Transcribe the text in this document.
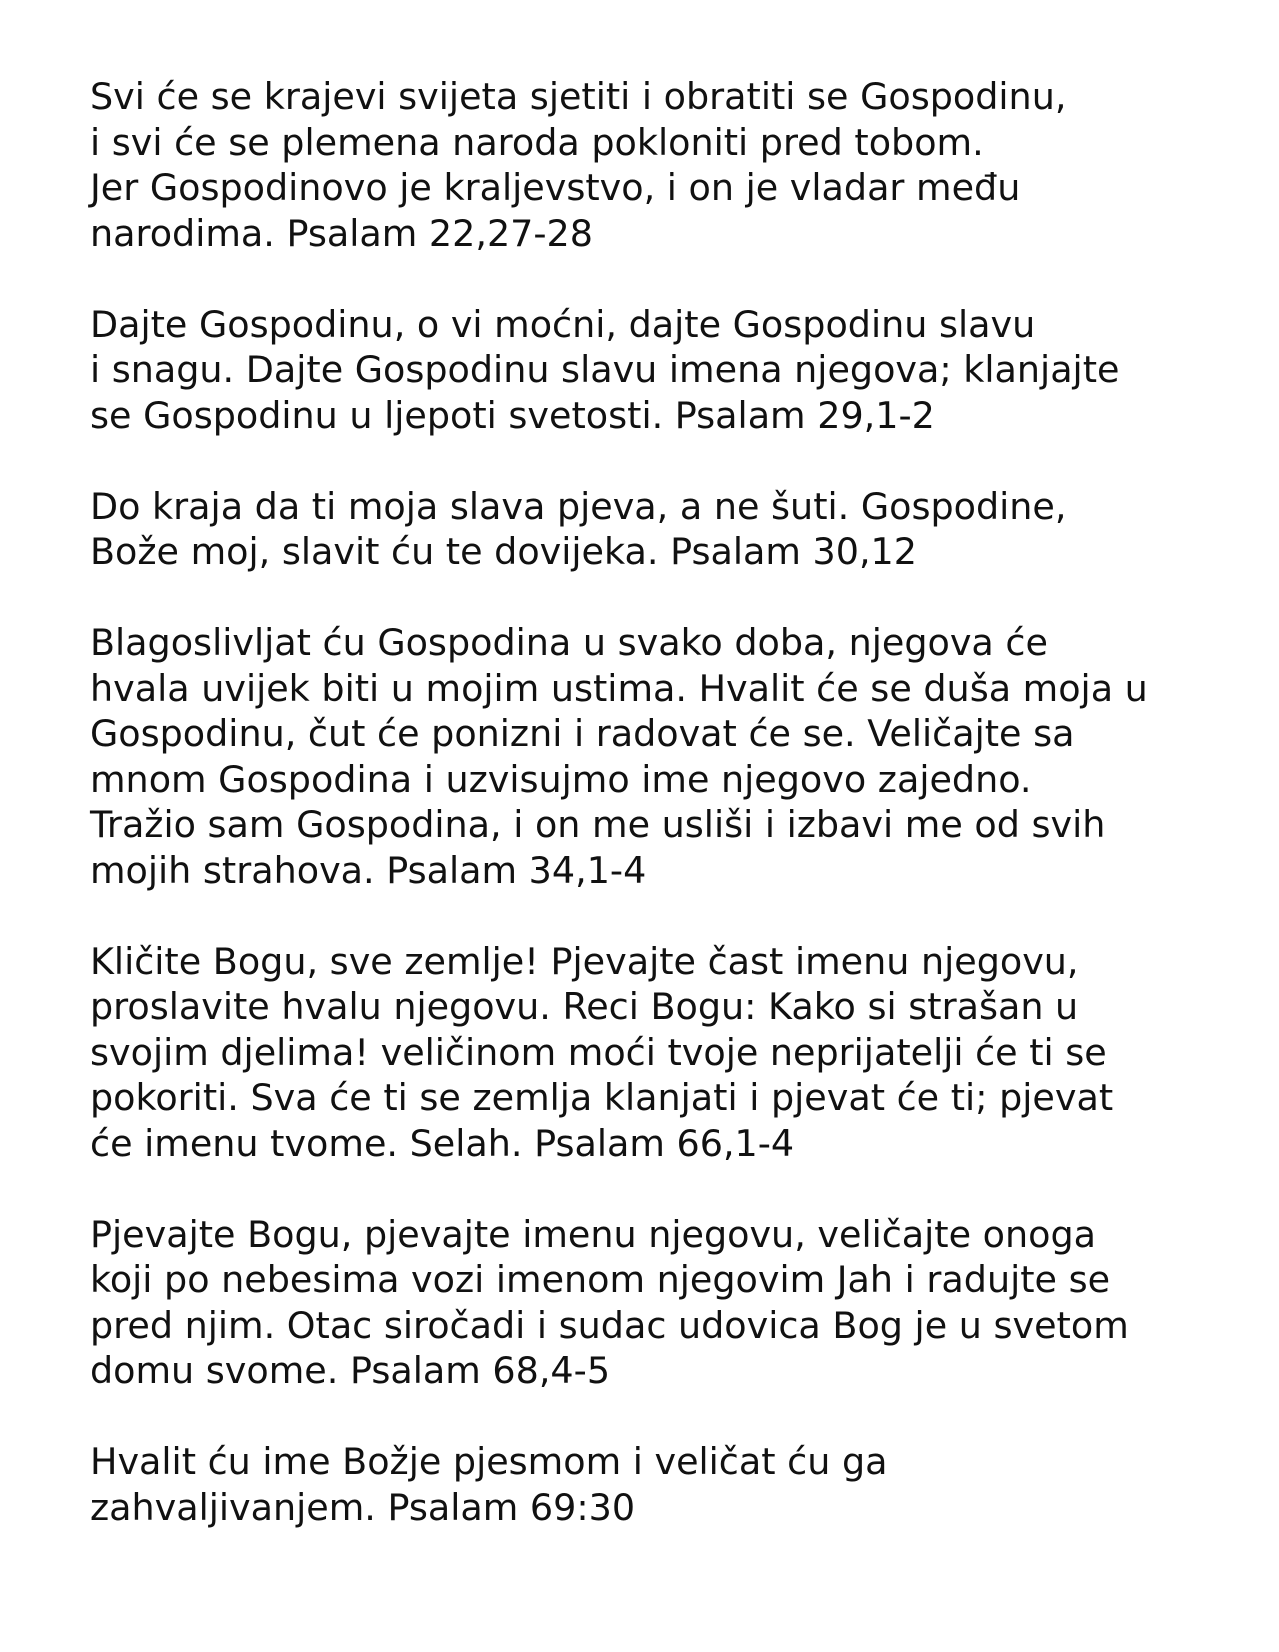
Svi će se krajevi svijeta sjetiti i obratiti se Gospodinu,
i svi će se plemena naroda pokloniti pred tobom.
Jer Gospodinovo je kraljevstvo, i on je vladar među
narodima. Psalam 22,27-28

Dajte Gospodinu, o vi moćni, dajte Gospodinu slavu
i snagu. Dajte Gospodinu slavu imena njegova; klanjajte
se Gospodinu u ljepoti svetosti. Psalam 29,1-2

Do kraja da ti moja slava pjeva, a ne šuti. Gospodine,
Bože moj, slavit ću te dovijeka. Psalam 30,12

Blagoslivljat ću Gospodina u svako doba, njegova će
hvala uvijek biti u mojim ustima. Hvalit će se duša moja u
Gospodinu, čut će ponizni i radovat će se. Veličajte sa
mnom Gospodina i uzvisujmo ime njegovo zajedno.
Tražio sam Gospodina, i on me usliši i izbavi me od svih
mojih strahova. Psalam 34,1-4

Kličite Bogu, sve zemlje! Pjevajte čast imenu njegovu,
proslavite hvalu njegovu. Reci Bogu: Kako si strašan u
svojim djelima! veličinom moći tvoje neprijatelji će ti se
pokoriti. Sva će ti se zemlja klanjati i pjevat će ti; pjevat
će imenu tvome. Selah. Psalam 66,1-4

Pjevajte Bogu, pjevajte imenu njegovu, veličajte onoga
koji po nebesima vozi imenom njegovim Jah i radujte se
pred njim. Otac siročadi i sudac udovica Bog je u svetom
domu svome. Psalam 68,4-5

Hvalit ću ime Božje pjesmom i veličat ću ga
zahvaljivanjem. Psalam 69:30
